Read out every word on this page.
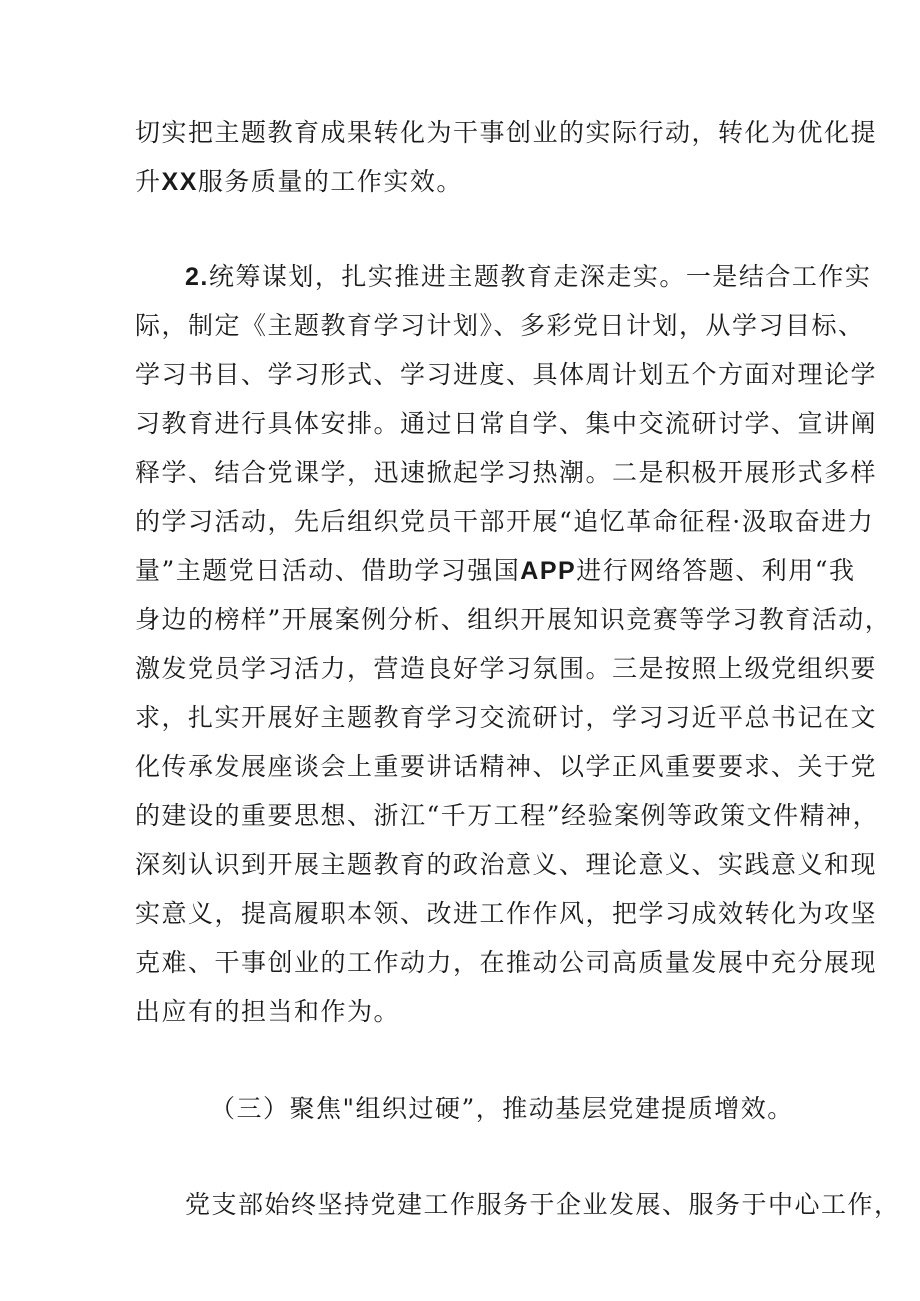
切实把主题教育成果转化为干事创业的实际行动，转化为优化提
升XX服务质量的工作实效。
2.统筹谋划，扎实推进主题教育走深走实。一是结合工作实
际，制定《主题教育学习计划》、多彩党日计划，从学习目标、
学习书目、学习形式、学习进度、具体周计划五个方面对理论学
习教育进行具体安排。通过日常自学、集中交流研讨学、宣讲阐
释学、结合党课学，迅速掀起学习热潮。二是积极开展形式多样
的学习活动，先后组织党员干部开展“追忆革命征程·汲取奋进力
量”主题党日活动、借助学习强国APP进行网络答题、利用“我
身边的榜样”开展案例分析、组织开展知识竞赛等学习教育活动，
激发党员学习活力，营造良好学习氛围。三是按照上级党组织要
求，扎实开展好主题教育学习交流研讨，学习习近平总书记在文
化传承发展座谈会上重要讲话精神、以学正风重要要求、关于党
的建设的重要思想、浙江“千万工程”经验案例等政策文件精神，
深刻认识到开展主题教育的政治意义、理论意义、实践意义和现
实意义，提高履职本领、改进工作作风，把学习成效转化为攻坚
克难、干事创业的工作动力，在推动公司高质量发展中充分展现
出应有的担当和作为。
（三）聚焦"组织过硬”，推动基层党建提质增效。
党支部始终坚持党建工作服务于企业发展、服务于中心工作，
